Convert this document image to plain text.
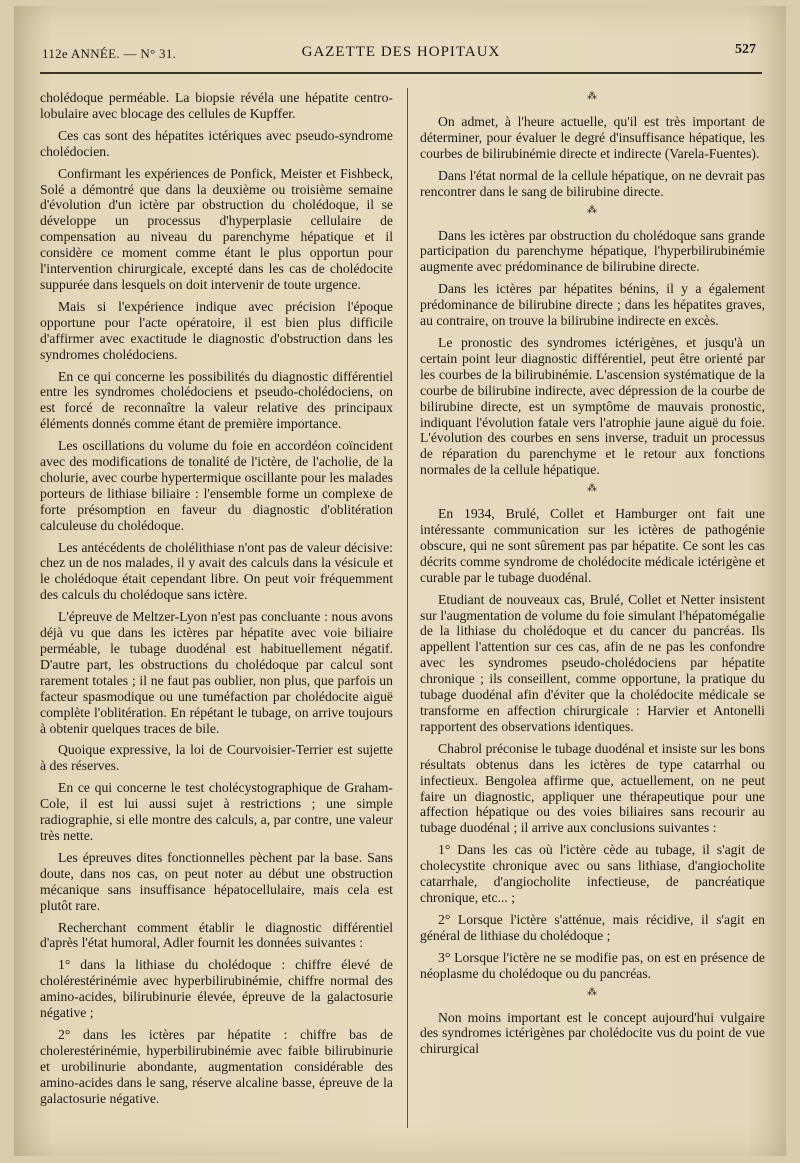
112e ANNÉE. — N° 31.	GAZETTE DES HOPITAUX	527

cholédoque perméable. La biopsie révéla une hépatite centro-lobulaire avec blocage des cellules de Kupffer.

Ces cas sont des hépatites ictériques avec pseudo-syndrome cholédocien.

Confirmant les expériences de Ponfick, Meister et Fishbeck, Solé a démontré que dans la deuxième ou troisième semaine d'évolution d'un ictère par obstruction du cholédoque, il se développe un processus d'hyperplasie cellulaire de compensation au niveau du parenchyme hépatique et il considère ce moment comme étant le plus opportun pour l'intervention chirurgicale, excepté dans les cas de cholédocite suppurée dans lesquels on doit intervenir de toute urgence.

Mais si l'expérience indique avec précision l'époque opportune pour l'acte opératoire, il est bien plus difficile d'affirmer avec exactitude le diagnostic d'obstruction dans les syndromes cholédociens.

En ce qui concerne les possibilités du diagnostic différentiel entre les syndromes cholédociens et pseudo-cholédociens, on est forcé de reconnaître la valeur relative des principaux éléments donnés comme étant de première importance.

Les oscillations du volume du foie en accordéon coïncident avec des modifications de tonalité de l'ictère, de l'acholie, de la cholurie, avec courbe hypertermique oscillante pour les malades porteurs de lithiase biliaire : l'ensemble forme un complexe de forte présomption en faveur du diagnostic d'oblitération calculeuse du cholédoque.

Les antécédents de cholélithiase n'ont pas de valeur décisive: chez un de nos malades, il y avait des calculs dans la vésicule et le cholédoque était cependant libre. On peut voir fréquemment des calculs du cholédoque sans ictère.

L'épreuve de Meltzer-Lyon n'est pas concluante : nous avons déjà vu que dans les ictères par hépatite avec voie biliaire perméable, le tubage duodénal est habituellement négatif. D'autre part, les obstructions du cholédoque par calcul sont rarement totales ; il ne faut pas oublier, non plus, que parfois un facteur spasmodique ou une tuméfaction par cholédocite aiguë complète l'oblitération. En répétant le tubage, on arrive toujours à obtenir quelques traces de bile.

Quoique expressive, la loi de Courvoisier-Terrier est sujette à des réserves.

En ce qui concerne le test cholécystographique de Graham-Cole, il est lui aussi sujet à restrictions ; une simple radiographie, si elle montre des calculs, a, par contre, une valeur très nette.

Les épreuves dites fonctionnelles pèchent par la base. Sans doute, dans nos cas, on peut noter au début une obstruction mécanique sans insuffisance hépatocellulaire, mais cela est plutôt rare.

Recherchant comment établir le diagnostic différentiel d'après l'état humoral, Adler fournit les données suivantes :

1° dans la lithiase du cholédoque : chiffre élevé de cholérestérinémie avec hyperbilirubinémie, chiffre normal des amino-acides, bilirubinurie élevée, épreuve de la galactosurie négative ;

2° dans les ictères par hépatite : chiffre bas de cholerestérinémie, hyperbilirubinémie avec faible bilirubinurie et urobilinurie abondante, augmentation considérable des amino-acides dans le sang, réserve alcaline basse, épreuve de la galactosurie négative.

⁂

On admet, à l'heure actuelle, qu'il est très important de déterminer, pour évaluer le degré d'insuffisance hépatique, les courbes de bilirubinémie directe et indirecte (Varela-Fuentes).

Dans l'état normal de la cellule hépatique, on ne devrait pas rencontrer dans le sang de bilirubine directe.

⁂

Dans les ictères par obstruction du cholédoque sans grande participation du parenchyme hépatique, l'hyperbilirubinémie augmente avec prédominance de bilirubine directe.

Dans les ictères par hépatites bénins, il y a également prédominance de bilirubine directe ; dans les hépatites graves, au contraire, on trouve la bilirubine indirecte en excès.

Le pronostic des syndromes ictérigènes, et jusqu'à un certain point leur diagnostic différentiel, peut être orienté par les courbes de la bilirubinémie. L'ascension systématique de la courbe de bilirubine indirecte, avec dépression de la courbe de bilirubine directe, est un symptôme de mauvais pronostic, indiquant l'évolution fatale vers l'atrophie jaune aiguë du foie. L'évolution des courbes en sens inverse, traduit un processus de réparation du parenchyme et le retour aux fonctions normales de la cellule hépatique.

⁂

En 1934, Brulé, Collet et Hamburger ont fait une intéressante communication sur les ictères de pathogénie obscure, qui ne sont sûrement pas par hépatite. Ce sont les cas décrits comme syndrome de cholédocite médicale ictérigène et curable par le tubage duodénal.

Etudiant de nouveaux cas, Brulé, Collet et Netter insistent sur l'augmentation de volume du foie simulant l'hépatomégalie de la lithiase du cholédoque et du cancer du pancréas. Ils appellent l'attention sur ces cas, afin de ne pas les confondre avec les syndromes pseudo-cholédociens par hépatite chronique ; ils conseillent, comme opportune, la pratique du tubage duodénal afin d'éviter que la cholédocite médicale se transforme en affection chirurgicale : Harvier et Antonelli rapportent des observations identiques.

Chabrol préconise le tubage duodénal et insiste sur les bons résultats obtenus dans les ictères de type catarrhal ou infectieux. Bengolea affirme que, actuellement, on ne peut faire un diagnostic, appliquer une thérapeutique pour une affection hépatique ou des voies biliaires sans recourir au tubage duodénal ; il arrive aux conclusions suivantes :

1° Dans les cas où l'ictère cède au tubage, il s'agit de cholecystite chronique avec ou sans lithiase, d'angiocholite catarrhale, d'angiocholite infectieuse, de pancréatique chronique, etc... ;

2° Lorsque l'ictère s'atténue, mais récidive, il s'agit en général de lithiase du cholédoque ;

3° Lorsque l'ictère ne se modifie pas, on est en présence de néoplasme du cholédoque ou du pancréas.

⁂

Non moins important est le concept aujourd'hui vulgaire des syndromes ictérigènes par cholédocite vus du point de vue chirurgical
